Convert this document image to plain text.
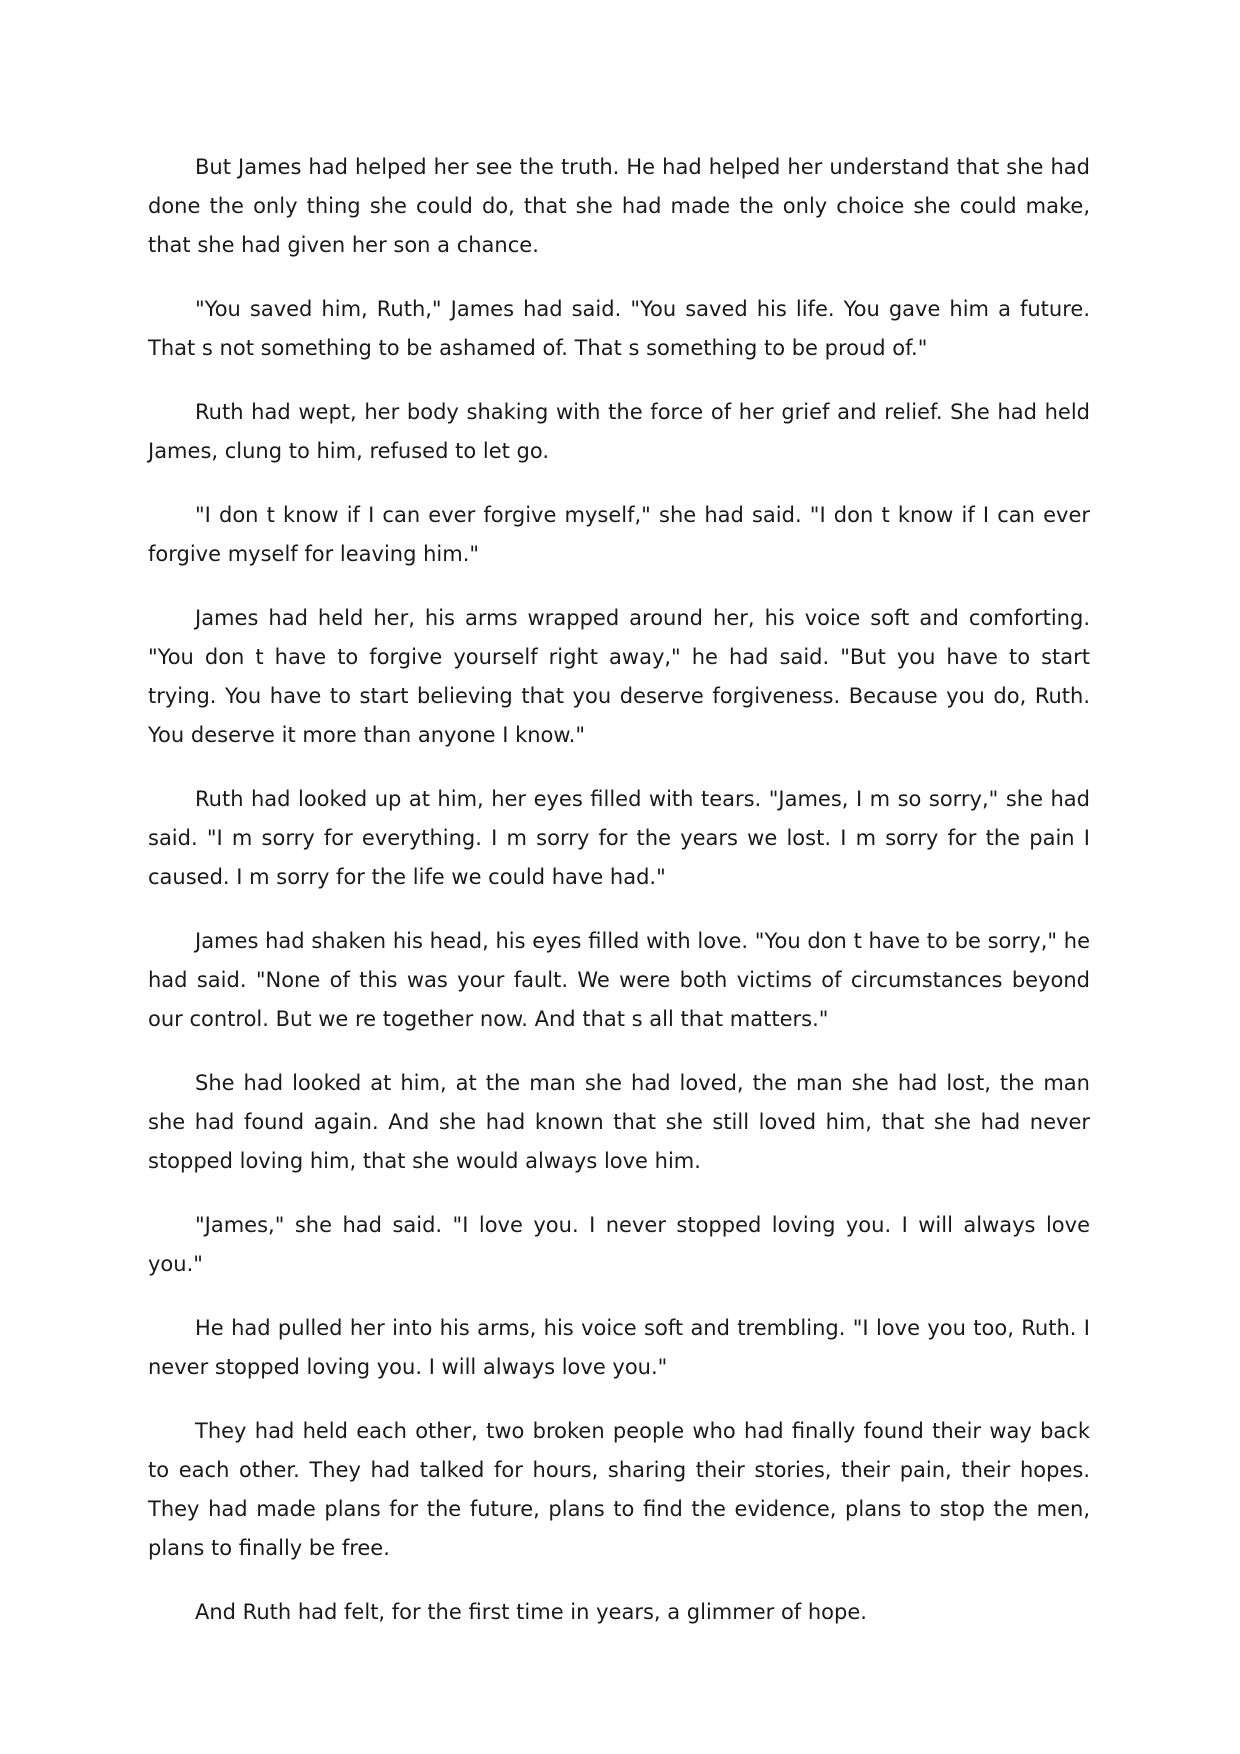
But James had helped her see the truth. He had helped her understand that she had done the only thing she could do, that she had made the only choice she could make, that she had given her son a chance.

"You saved him, Ruth," James had said. "You saved his life. You gave him a future. That s not something to be ashamed of. That s something to be proud of."

Ruth had wept, her body shaking with the force of her grief and relief. She had held James, clung to him, refused to let go.

"I don t know if I can ever forgive myself," she had said. "I don t know if I can ever forgive myself for leaving him."

James had held her, his arms wrapped around her, his voice soft and comforting. "You don t have to forgive yourself right away," he had said. "But you have to start trying. You have to start believing that you deserve forgiveness. Because you do, Ruth. You deserve it more than anyone I know."

Ruth had looked up at him, her eyes filled with tears. "James, I m so sorry," she had said. "I m sorry for everything. I m sorry for the years we lost. I m sorry for the pain I caused. I m sorry for the life we could have had."

James had shaken his head, his eyes filled with love. "You don t have to be sorry," he had said. "None of this was your fault. We were both victims of circumstances beyond our control. But we re together now. And that s all that matters."

She had looked at him, at the man she had loved, the man she had lost, the man she had found again. And she had known that she still loved him, that she had never stopped loving him, that she would always love him.

"James," she had said. "I love you. I never stopped loving you. I will always love you."

He had pulled her into his arms, his voice soft and trembling. "I love you too, Ruth. I never stopped loving you. I will always love you."

They had held each other, two broken people who had finally found their way back to each other. They had talked for hours, sharing their stories, their pain, their hopes. They had made plans for the future, plans to find the evidence, plans to stop the men, plans to finally be free.

And Ruth had felt, for the first time in years, a glimmer of hope.
